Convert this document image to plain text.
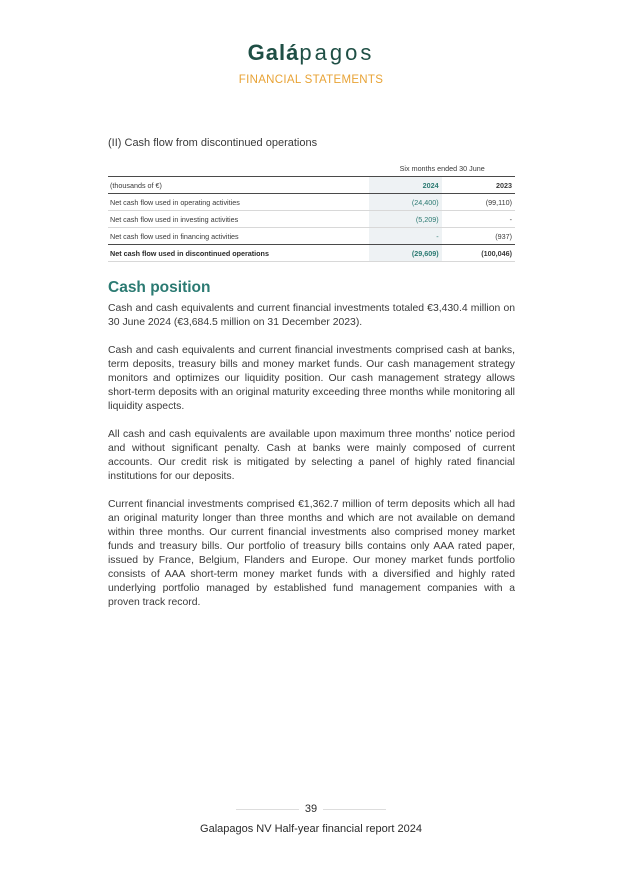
Galápagos
FINANCIAL STATEMENTS
(II) Cash flow from discontinued operations
	Six months ended 30 June	
(thousands of €)	2024	2023
Net cash flow used in operating activities	(24,400)	(99,110)
Net cash flow used in investing activities	(5,209)	-
Net cash flow used in financing activities	-	(937)
Net cash flow used in discontinued operations	(29,609)	(100,046)
Cash position

Cash and cash equivalents and current financial investments totaled €3,430.4 million on 30 June 2024 (€3,684.5 million on 31 December 2023).

Cash and cash equivalents and current financial investments comprised cash at banks, term deposits, treasury bills and money market funds. Our cash management strategy monitors and optimizes our liquidity position. Our cash management strategy allows short-term deposits with an original maturity exceeding three months while monitoring all liquidity aspects.

All cash and cash equivalents are available upon maximum three months' notice period and without significant penalty. Cash at banks were mainly composed of current accounts. Our credit risk is mitigated by selecting a panel of highly rated financial institutions for our deposits.

Current financial investments comprised €1,362.7 million of term deposits which all had an original maturity longer than three months and which are not available on demand within three months. Our current financial investments also comprised money market funds and treasury bills. Our portfolio of treasury bills contains only AAA rated paper, issued by France, Belgium, Flanders and Europe. Our money market funds portfolio consists of AAA short-term money market funds with a diversified and highly rated underlying portfolio managed by established fund management companies with a proven track record.

39
Galapagos NV Half-year financial report 2024
